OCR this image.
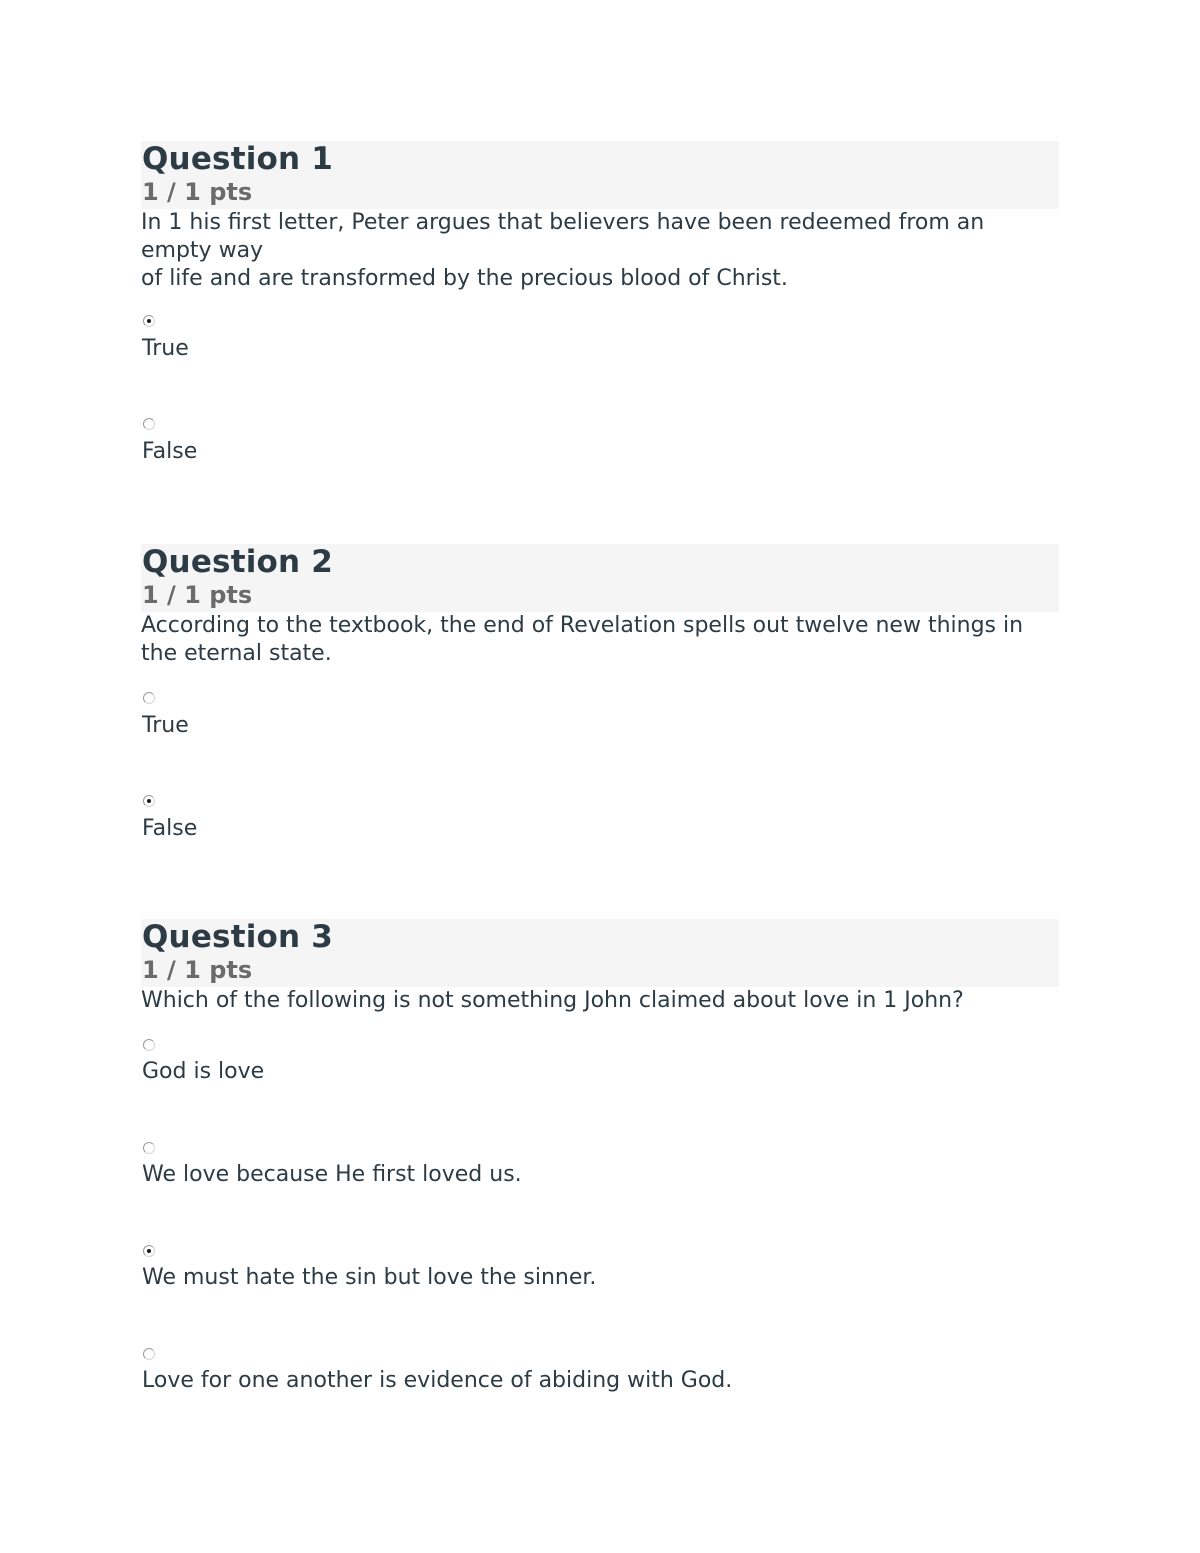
Question 1
1 / 1 pts
In 1 his first letter, Peter argues that believers have been redeemed from an empty way
of life and are transformed by the precious blood of Christ.
True
False
Question 2
1 / 1 pts
According to the textbook, the end of Revelation spells out twelve new things in the eternal state.
True
False
Question 3
1 / 1 pts
Which of the following is not something John claimed about love in 1 John?
God is love
We love because He first loved us.
We must hate the sin but love the sinner.
Love for one another is evidence of abiding with God.
